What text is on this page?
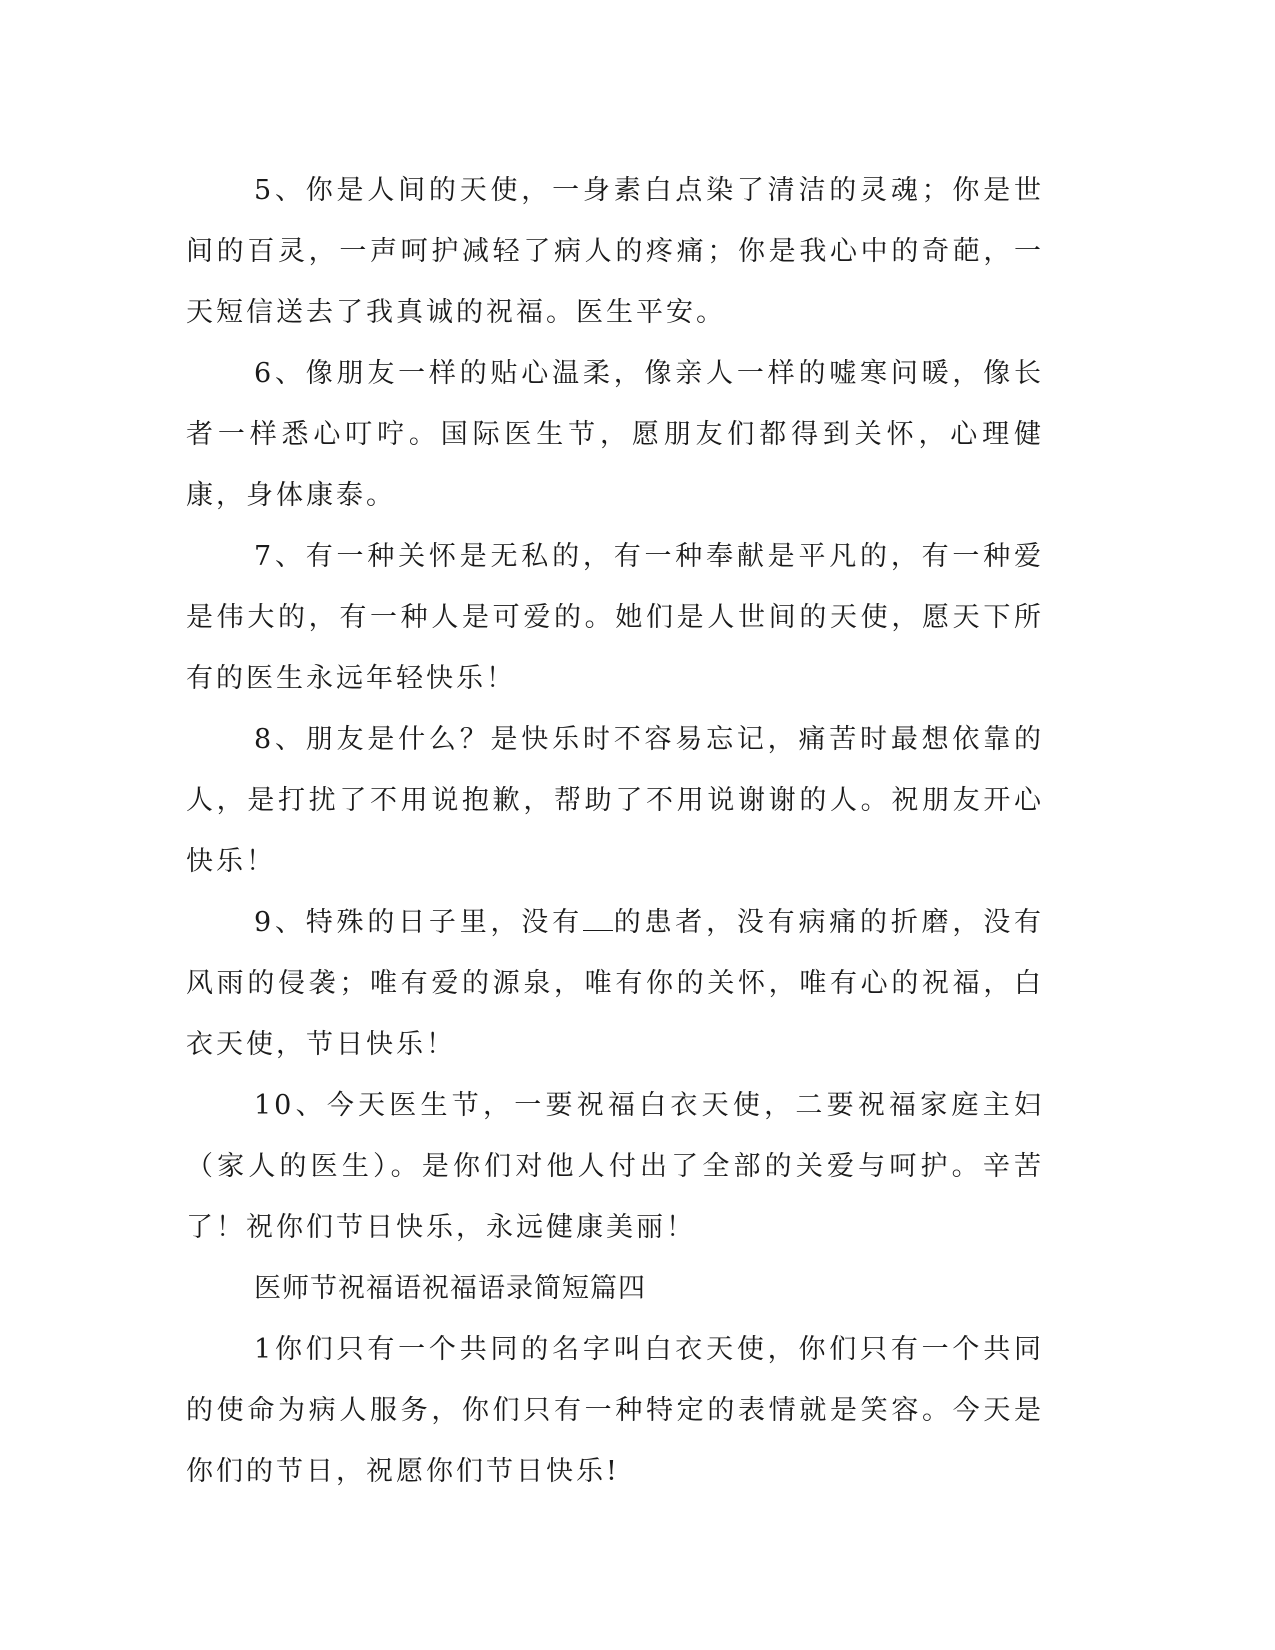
5、你是人间的天使，一身素白点染了清洁的灵魂；你是世间的百灵，一声呵护减轻了病人的疼痛；你是我心中的奇葩，一天短信送去了我真诚的祝福。医生平安。

6、像朋友一样的贴心温柔，像亲人一样的嘘寒问暖，像长者一样悉心叮咛。国际医生节，愿朋友们都得到关怀，心理健康，身体康泰。

7、有一种关怀是无私的，有一种奉献是平凡的，有一种爱是伟大的，有一种人是可爱的。她们是人世间的天使，愿天下所有的医生永远年轻快乐！

8、朋友是什么？是快乐时不容易忘记，痛苦时最想依靠的人，是打扰了不用说抱歉，帮助了不用说谢谢的人。祝朋友开心快乐！

9、特殊的日子里，没有 的患者，没有病痛的折磨，没有风雨的侵袭；唯有爱的源泉，唯有你的关怀，唯有心的祝福，白衣天使，节日快乐！

10、今天医生节，一要祝福白衣天使，二要祝福家庭主妇（家人的医生）。是你们对他人付出了全部的关爱与呵护。辛苦了！祝你们节日快乐，永远健康美丽！

医师节祝福语祝福语录简短篇四

1你们只有一个共同的名字叫白衣天使，你们只有一个共同的使命为病人服务，你们只有一种特定的表情就是笑容。今天是你们的节日，祝愿你们节日快乐!
